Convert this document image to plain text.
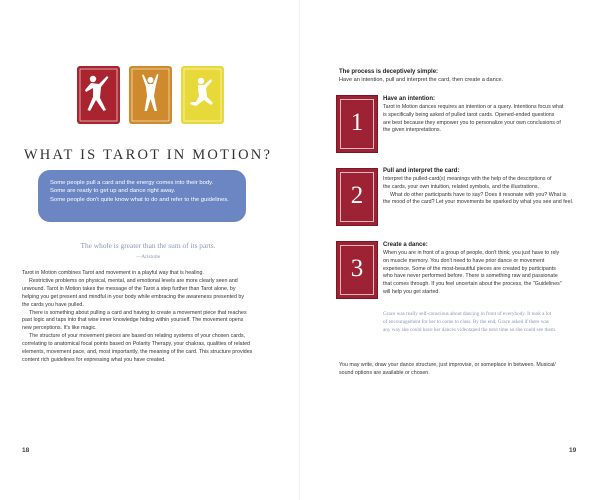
WHAT IS TAROT IN MOTION?

Some people pull a card and the energy comes into their body.

Some are ready to get up and dance right away.

Some people don't quite know what to do and refer to the guidelines.

The whole is greater than the sum of its parts.
—Aristotle

Tarot in Motion combines Tarot and movement in a playful way that is healing.

Restrictive problems on physical, mental, and emotional levels are more clearly seen and

unwound. Tarot in Motion takes the message of the Tarot a step further than Tarot alone, by

helping you get present and mindful in your body while embracing the awareness presented by

the cards you have pulled.

There is something about pulling a card and having to create a movement piece that reaches

past logic and taps into that wise inner knowledge hiding within yourself. The movement opens

new perceptions. It's like magic.

The structure of your movement pieces are based on relating systems of your chosen cards,

correlating to anatomical focal points based on Polarity Therapy, your chakras, qualities of related

elements, movement pace, and, most importantly, the meaning of the card. This structure provides

content rich guidelines for expressing what you have created.

18
The process is deceptively simple:
Have an intention, pull and interpret the card, then create a dance.
1
Have an intention:

Tarot in Motion dances requires an intention or a query. Intentions focus what

is specifically being asked of pulled tarot cards. Opened-ended questions

are best because they empower you to personalize your own conclusions of

the given interpretations.

2
Pull and interpret the card:

Interpret the pulled-card(s) meanings with the help of the descriptions of

the cards, your own intuition, related symbols, and the illustrations.

What do other participants have to say? Does it resonate with you? What is

the mood of the card? Let your movements be sparked by what you see and feel.

3
Create a dance:

When you are in front of a group of people, don't think; you just have to rely

on muscle memory. You don't need to have prior dance or movement

experience. Some of the most-beautiful pieces are created by participants

who have never performed before. There is something raw and passionate

that comes through. If you feel uncertain about the process, the "Guidelines"

will help you get started.

Grace was really self-conscious about dancing in front of everybody. It took a lot

of encouragement for her to come to class. By the end, Grace asked if there was

any way she could have her dances videotaped the next time so she could see them.

You may write, draw your dance structure, just improvise, or someplace in between. Musical/

sound options are available or chosen.

19
